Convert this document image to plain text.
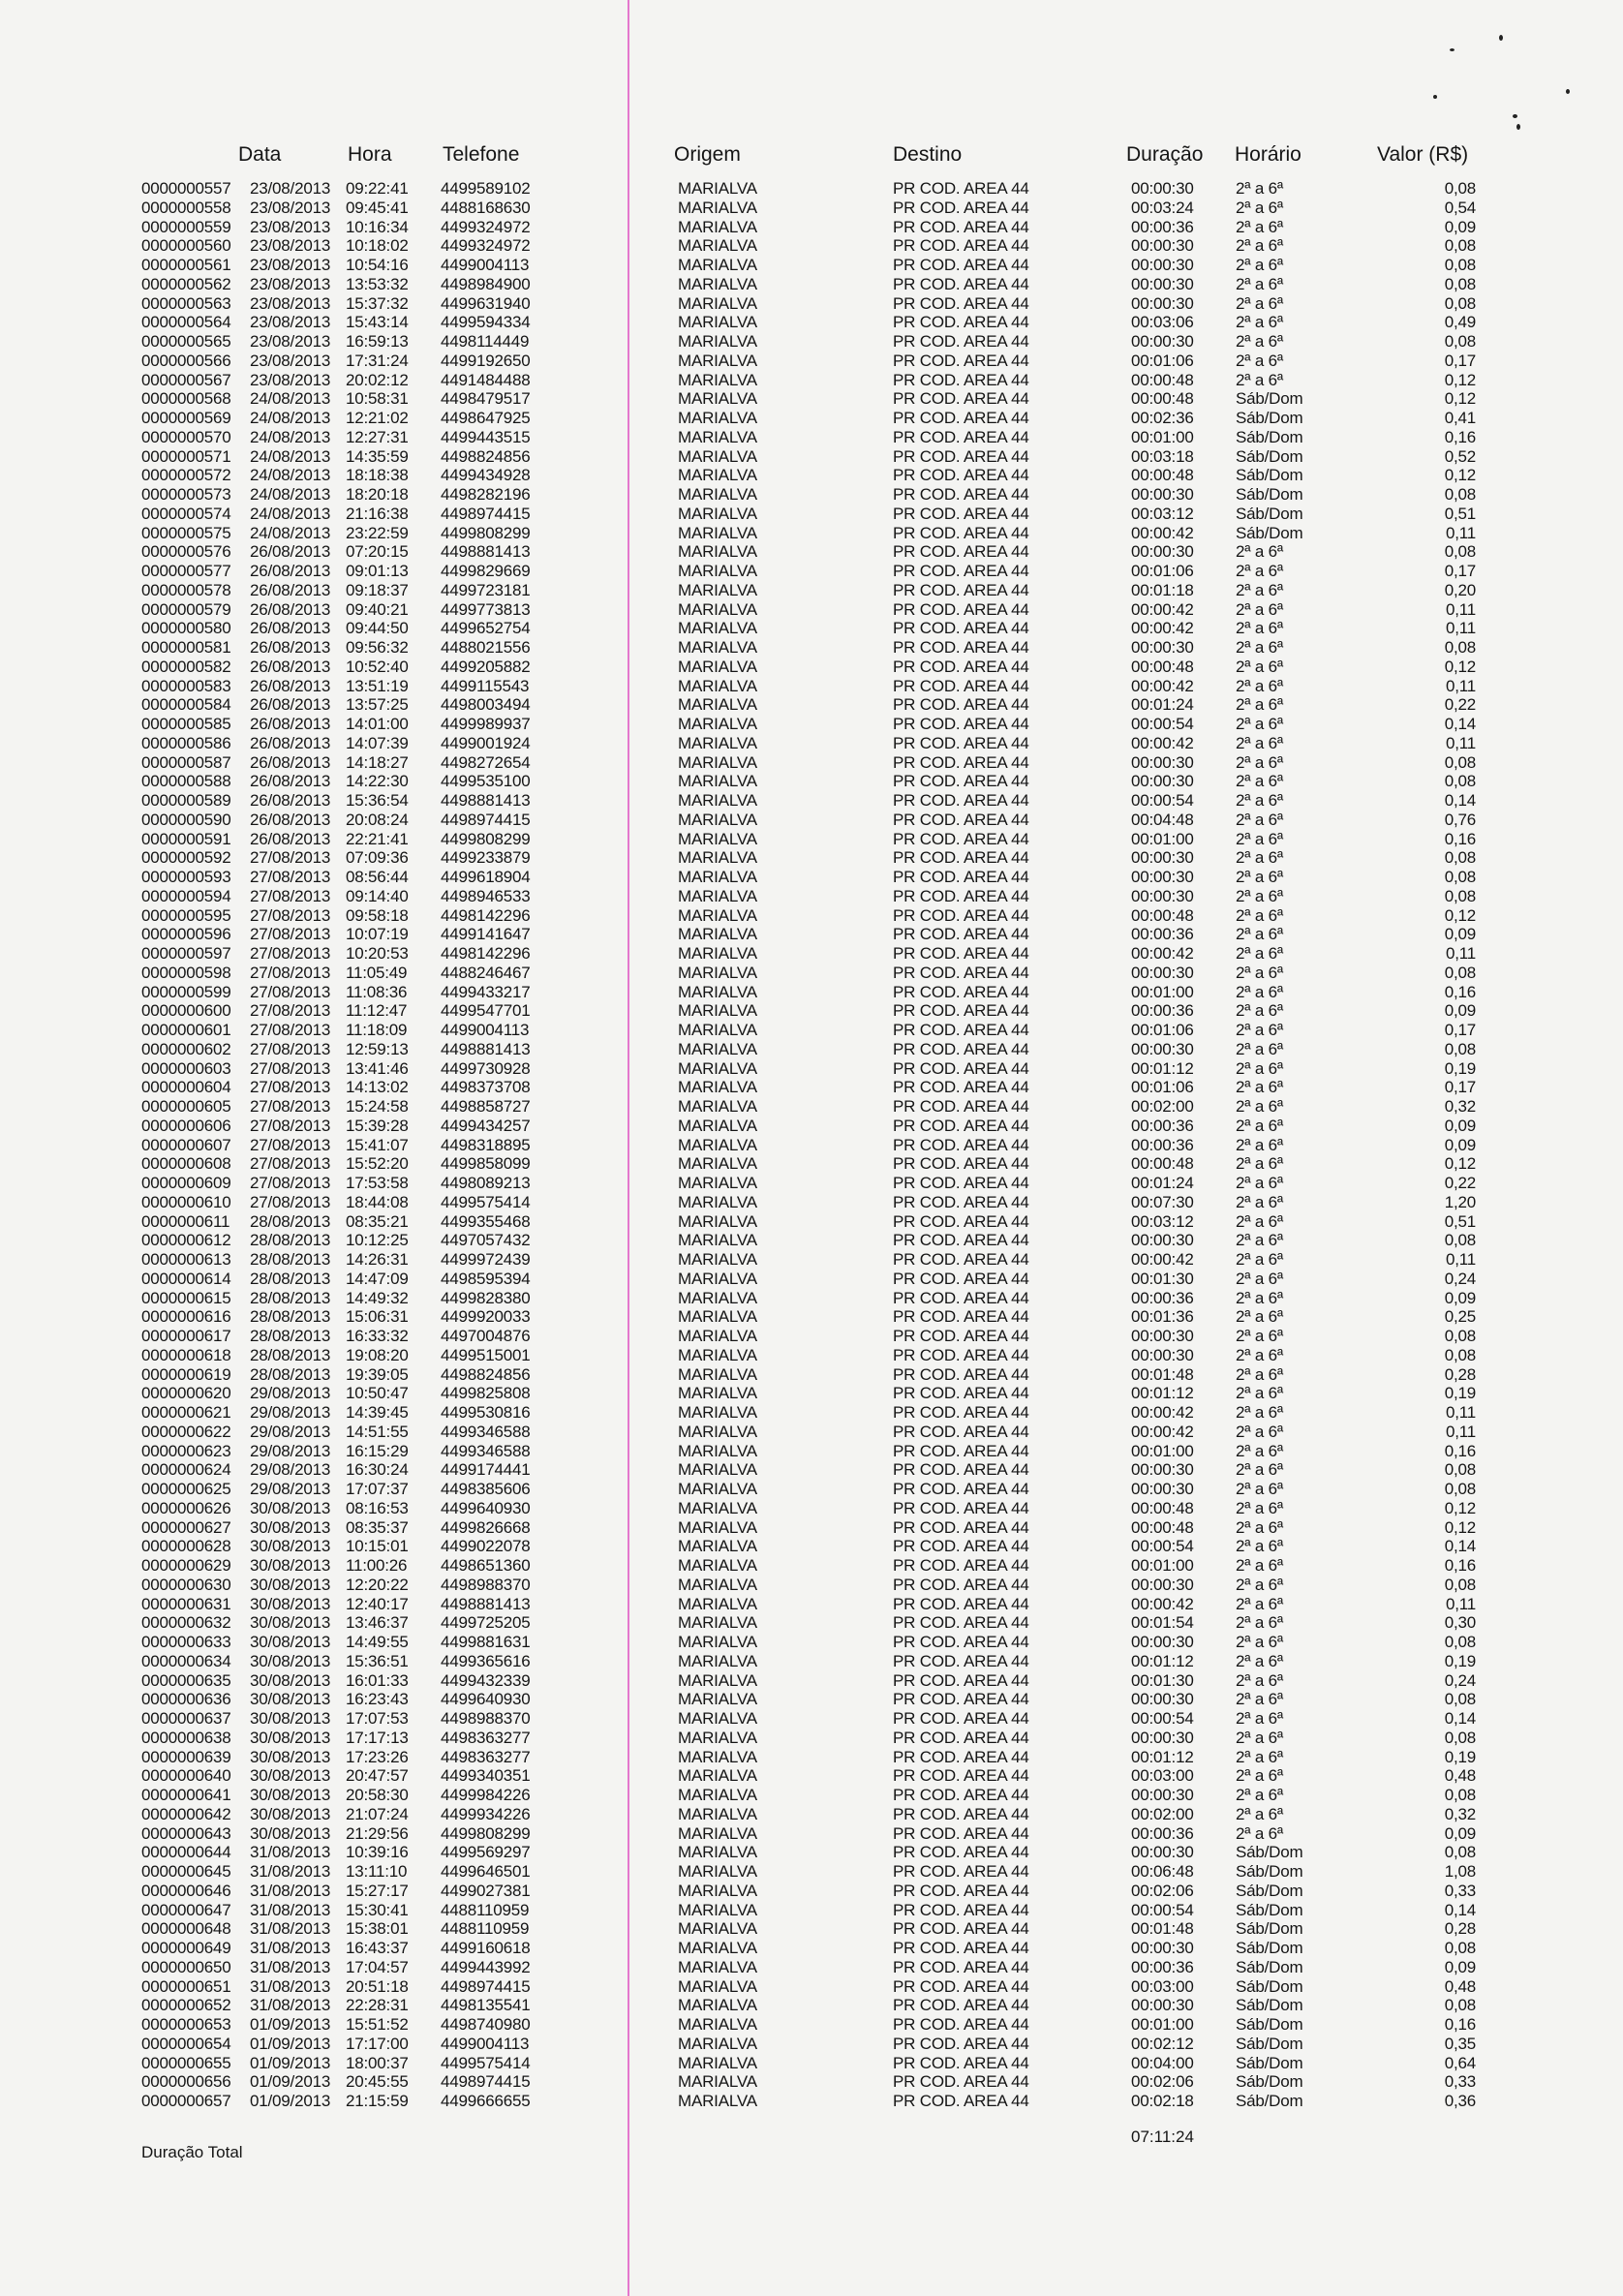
Data	Hora Telefone	Origem	Destino	Duração Horário	Valor (R$)
0000000557 23/08/2013 09:22:41 4499589102	MARIALVA	PR COD. AREA 44	00:00:30	2ª a 6ª	0,08
0000000558 23/08/2013 09:45:41 4488168630	MARIALVA	PR COD. AREA 44	00:03:24	2ª a 6ª	0,54
0000000559 23/08/2013 10:16:34 4499324972	MARIALVA	PR COD. AREA 44	00:00:36	2ª a 6ª	0,09
0000000560 23/08/2013 10:18:02 4499324972	MARIALVA	PR COD. AREA 44	00:00:30	2ª a 6ª	0,08
0000000561 23/08/2013 10:54:16 4499004113	MARIALVA	PR COD. AREA 44	00:00:30	2ª a 6ª	0,08
0000000562 23/08/2013 13:53:32 4498984900	MARIALVA	PR COD. AREA 44	00:00:30	2ª a 6ª	0,08
0000000563 23/08/2013 15:37:32 4499631940	MARIALVA	PR COD. AREA 44	00:00:30	2ª a 6ª	0,08
0000000564 23/08/2013 15:43:14 4499594334	MARIALVA	PR COD. AREA 44	00:03:06	2ª a 6ª	0,49
0000000565 23/08/2013 16:59:13 4498114449	MARIALVA	PR COD. AREA 44	00:00:30	2ª a 6ª	0,08
0000000566 23/08/2013 17:31:24 4499192650	MARIALVA	PR COD. AREA 44	00:01:06	2ª a 6ª	0,17
0000000567 23/08/2013 20:02:12 4491484488	MARIALVA	PR COD. AREA 44	00:00:48	2ª a 6ª	0,12
0000000568 24/08/2013 10:58:31 4498479517	MARIALVA	PR COD. AREA 44	00:00:48	Sáb/Dom	0,12
0000000569 24/08/2013 12:21:02 4498647925	MARIALVA	PR COD. AREA 44	00:02:36	Sáb/Dom	0,41
0000000570 24/08/2013 12:27:31 4499443515	MARIALVA	PR COD. AREA 44	00:01:00	Sáb/Dom	0,16
0000000571 24/08/2013 14:35:59 4498824856	MARIALVA	PR COD. AREA 44	00:03:18	Sáb/Dom	0,52
0000000572 24/08/2013 18:18:38 4499434928	MARIALVA	PR COD. AREA 44	00:00:48	Sáb/Dom	0,12
0000000573 24/08/2013 18:20:18 4498282196	MARIALVA	PR COD. AREA 44	00:00:30	Sáb/Dom	0,08
0000000574 24/08/2013 21:16:38 4498974415	MARIALVA	PR COD. AREA 44	00:03:12	Sáb/Dom	0,51
0000000575 24/08/2013 23:22:59 4499808299	MARIALVA	PR COD. AREA 44	00:00:42	Sáb/Dom	0,11
0000000576 26/08/2013 07:20:15 4498881413	MARIALVA	PR COD. AREA 44	00:00:30	2ª a 6ª	0,08
0000000577 26/08/2013 09:01:13 4499829669	MARIALVA	PR COD. AREA 44	00:01:06	2ª a 6ª	0,17
0000000578 26/08/2013 09:18:37 4499723181	MARIALVA	PR COD. AREA 44	00:01:18	2ª a 6ª	0,20
0000000579 26/08/2013 09:40:21 4499773813	MARIALVA	PR COD. AREA 44	00:00:42	2ª a 6ª	0,11
0000000580 26/08/2013 09:44:50 4499652754	MARIALVA	PR COD. AREA 44	00:00:42	2ª a 6ª	0,11
0000000581 26/08/2013 09:56:32 4488021556	MARIALVA	PR COD. AREA 44	00:00:30	2ª a 6ª	0,08
0000000582 26/08/2013 10:52:40 4499205882	MARIALVA	PR COD. AREA 44	00:00:48	2ª a 6ª	0,12
0000000583 26/08/2013 13:51:19 4499115543	MARIALVA	PR COD. AREA 44	00:00:42	2ª a 6ª	0,11
0000000584 26/08/2013 13:57:25 4498003494	MARIALVA	PR COD. AREA 44	00:01:24	2ª a 6ª	0,22
0000000585 26/08/2013 14:01:00 4499989937	MARIALVA	PR COD. AREA 44	00:00:54	2ª a 6ª	0,14
0000000586 26/08/2013 14:07:39 4499001924	MARIALVA	PR COD. AREA 44	00:00:42	2ª a 6ª	0,11
0000000587 26/08/2013 14:18:27 4498272654	MARIALVA	PR COD. AREA 44	00:00:30	2ª a 6ª	0,08
0000000588 26/08/2013 14:22:30 4499535100	MARIALVA	PR COD. AREA 44	00:00:30	2ª a 6ª	0,08
0000000589 26/08/2013 15:36:54 4498881413	MARIALVA	PR COD. AREA 44	00:00:54	2ª a 6ª	0,14
0000000590 26/08/2013 20:08:24 4498974415	MARIALVA	PR COD. AREA 44	00:04:48	2ª a 6ª	0,76
0000000591 26/08/2013 22:21:41 4499808299	MARIALVA	PR COD. AREA 44	00:01:00	2ª a 6ª	0,16
0000000592 27/08/2013 07:09:36 4499233879	MARIALVA	PR COD. AREA 44	00:00:30	2ª a 6ª	0,08
0000000593 27/08/2013 08:56:44 4499618904	MARIALVA	PR COD. AREA 44	00:00:30	2ª a 6ª	0,08
0000000594 27/08/2013 09:14:40 4498946533	MARIALVA	PR COD. AREA 44	00:00:30	2ª a 6ª	0,08
0000000595 27/08/2013 09:58:18 4498142296	MARIALVA	PR COD. AREA 44	00:00:48	2ª a 6ª	0,12
0000000596 27/08/2013 10:07:19 4499141647	MARIALVA	PR COD. AREA 44	00:00:36	2ª a 6ª	0,09
0000000597 27/08/2013 10:20:53 4498142296	MARIALVA	PR COD. AREA 44	00:00:42	2ª a 6ª	0,11
0000000598 27/08/2013 11:05:49 4488246467	MARIALVA	PR COD. AREA 44	00:00:30	2ª a 6ª	0,08
0000000599 27/08/2013 11:08:36 4499433217	MARIALVA	PR COD. AREA 44	00:01:00	2ª a 6ª	0,16
0000000600 27/08/2013 11:12:47 4499547701	MARIALVA	PR COD. AREA 44	00:00:36	2ª a 6ª	0,09
0000000601 27/08/2013 11:18:09 4499004113	MARIALVA	PR COD. AREA 44	00:01:06	2ª a 6ª	0,17
0000000602 27/08/2013 12:59:13 4498881413	MARIALVA	PR COD. AREA 44	00:00:30	2ª a 6ª	0,08
0000000603 27/08/2013 13:41:46 4499730928	MARIALVA	PR COD. AREA 44	00:01:12	2ª a 6ª	0,19
0000000604 27/08/2013 14:13:02 4498373708	MARIALVA	PR COD. AREA 44	00:01:06	2ª a 6ª	0,17
0000000605 27/08/2013 15:24:58 4498858727	MARIALVA	PR COD. AREA 44	00:02:00	2ª a 6ª	0,32
0000000606 27/08/2013 15:39:28 4499434257	MARIALVA	PR COD. AREA 44	00:00:36	2ª a 6ª	0,09
0000000607 27/08/2013 15:41:07 4498318895	MARIALVA	PR COD. AREA 44	00:00:36	2ª a 6ª	0,09
0000000608 27/08/2013 15:52:20 4499858099	MARIALVA	PR COD. AREA 44	00:00:48	2ª a 6ª	0,12
0000000609 27/08/2013 17:53:58 4498089213	MARIALVA	PR COD. AREA 44	00:01:24	2ª a 6ª	0,22
0000000610 27/08/2013 18:44:08 4499575414	MARIALVA	PR COD. AREA 44	00:07:30	2ª a 6ª	1,20
0000000611 28/08/2013 08:35:21 4499355468	MARIALVA	PR COD. AREA 44	00:03:12	2ª a 6ª	0,51
0000000612 28/08/2013 10:12:25 4497057432	MARIALVA	PR COD. AREA 44	00:00:30	2ª a 6ª	0,08
0000000613 28/08/2013 14:26:31 4499972439	MARIALVA	PR COD. AREA 44	00:00:42	2ª a 6ª	0,11
0000000614 28/08/2013 14:47:09 4498595394	MARIALVA	PR COD. AREA 44	00:01:30	2ª a 6ª	0,24
0000000615 28/08/2013 14:49:32 4499828380	MARIALVA	PR COD. AREA 44	00:00:36	2ª a 6ª	0,09
0000000616 28/08/2013 15:06:31 4499920033	MARIALVA	PR COD. AREA 44	00:01:36	2ª a 6ª	0,25
0000000617 28/08/2013 16:33:32 4497004876	MARIALVA	PR COD. AREA 44	00:00:30	2ª a 6ª	0,08
0000000618 28/08/2013 19:08:20 4499515001	MARIALVA	PR COD. AREA 44	00:00:30	2ª a 6ª	0,08
0000000619 28/08/2013 19:39:05 4498824856	MARIALVA	PR COD. AREA 44	00:01:48	2ª a 6ª	0,28
0000000620 29/08/2013 10:50:47 4499825808	MARIALVA	PR COD. AREA 44	00:01:12	2ª a 6ª	0,19
0000000621 29/08/2013 14:39:45 4499530816	MARIALVA	PR COD. AREA 44	00:00:42	2ª a 6ª	0,11
0000000622 29/08/2013 14:51:55 4499346588	MARIALVA	PR COD. AREA 44	00:00:42	2ª a 6ª	0,11
0000000623 29/08/2013 16:15:29 4499346588	MARIALVA	PR COD. AREA 44	00:01:00	2ª a 6ª	0,16
0000000624 29/08/2013 16:30:24 4499174441	MARIALVA	PR COD. AREA 44	00:00:30	2ª a 6ª	0,08
0000000625 29/08/2013 17:07:37 4498385606	MARIALVA	PR COD. AREA 44	00:00:30	2ª a 6ª	0,08
0000000626 30/08/2013 08:16:53 4499640930	MARIALVA	PR COD. AREA 44	00:00:48	2ª a 6ª	0,12
0000000627 30/08/2013 08:35:37 4499826668	MARIALVA	PR COD. AREA 44	00:00:48	2ª a 6ª	0,12
0000000628 30/08/2013 10:15:01 4499022078	MARIALVA	PR COD. AREA 44	00:00:54	2ª a 6ª	0,14
0000000629 30/08/2013 11:00:26 4498651360	MARIALVA	PR COD. AREA 44	00:01:00	2ª a 6ª	0,16
0000000630 30/08/2013 12:20:22 4498988370	MARIALVA	PR COD. AREA 44	00:00:30	2ª a 6ª	0,08
0000000631 30/08/2013 12:40:17 4498881413	MARIALVA	PR COD. AREA 44	00:00:42	2ª a 6ª	0,11
0000000632 30/08/2013 13:46:37 4499725205	MARIALVA	PR COD. AREA 44	00:01:54	2ª a 6ª	0,30
0000000633 30/08/2013 14:49:55 4499881631	MARIALVA	PR COD. AREA 44	00:00:30	2ª a 6ª	0,08
0000000634 30/08/2013 15:36:51 4499365616	MARIALVA	PR COD. AREA 44	00:01:12	2ª a 6ª	0,19
0000000635 30/08/2013 16:01:33 4499432339	MARIALVA	PR COD. AREA 44	00:01:30	2ª a 6ª	0,24
0000000636 30/08/2013 16:23:43 4499640930	MARIALVA	PR COD. AREA 44	00:00:30	2ª a 6ª	0,08
0000000637 30/08/2013 17:07:53 4498988370	MARIALVA	PR COD. AREA 44	00:00:54	2ª a 6ª	0,14
0000000638 30/08/2013 17:17:13 4498363277	MARIALVA	PR COD. AREA 44	00:00:30	2ª a 6ª	0,08
0000000639 30/08/2013 17:23:26 4498363277	MARIALVA	PR COD. AREA 44	00:01:12	2ª a 6ª	0,19
0000000640 30/08/2013 20:47:57 4499340351	MARIALVA	PR COD. AREA 44	00:03:00	2ª a 6ª	0,48
0000000641 30/08/2013 20:58:30 4499984226	MARIALVA	PR COD. AREA 44	00:00:30	2ª a 6ª	0,08
0000000642 30/08/2013 21:07:24 4499934226	MARIALVA	PR COD. AREA 44	00:02:00	2ª a 6ª	0,32
0000000643 30/08/2013 21:29:56 4499808299	MARIALVA	PR COD. AREA 44	00:00:36	2ª a 6ª	0,09
0000000644 31/08/2013 10:39:16 4499569297	MARIALVA	PR COD. AREA 44	00:00:30	Sáb/Dom	0,08
0000000645 31/08/2013 13:11:10 4499646501	MARIALVA	PR COD. AREA 44	00:06:48	Sáb/Dom	1,08
0000000646 31/08/2013 15:27:17 4499027381	MARIALVA	PR COD. AREA 44	00:02:06	Sáb/Dom	0,33
0000000647 31/08/2013 15:30:41 4488110959	MARIALVA	PR COD. AREA 44	00:00:54	Sáb/Dom	0,14
0000000648 31/08/2013 15:38:01 4488110959	MARIALVA	PR COD. AREA 44	00:01:48	Sáb/Dom	0,28
0000000649 31/08/2013 16:43:37 4499160618	MARIALVA	PR COD. AREA 44	00:00:30	Sáb/Dom	0,08
0000000650 31/08/2013 17:04:57 4499443992	MARIALVA	PR COD. AREA 44	00:00:36	Sáb/Dom	0,09
0000000651 31/08/2013 20:51:18 4498974415	MARIALVA	PR COD. AREA 44	00:03:00	Sáb/Dom	0,48
0000000652 31/08/2013 22:28:31 4498135541	MARIALVA	PR COD. AREA 44	00:00:30	Sáb/Dom	0,08
0000000653 01/09/2013 15:51:52 4498740980	MARIALVA	PR COD. AREA 44	00:01:00	Sáb/Dom	0,16
0000000654 01/09/2013 17:17:00 4499004113	MARIALVA	PR COD. AREA 44	00:02:12	Sáb/Dom	0,35
0000000655 01/09/2013 18:00:37 4499575414	MARIALVA	PR COD. AREA 44	00:04:00	Sáb/Dom	0,64
0000000656 01/09/2013 20:45:55 4498974415	MARIALVA	PR COD. AREA 44	00:02:06	Sáb/Dom	0,33
0000000657 01/09/2013 21:15:59 4499666655	MARIALVA	PR COD. AREA 44	00:02:18	Sáb/Dom	0,36
Duração Total
07:11:24
